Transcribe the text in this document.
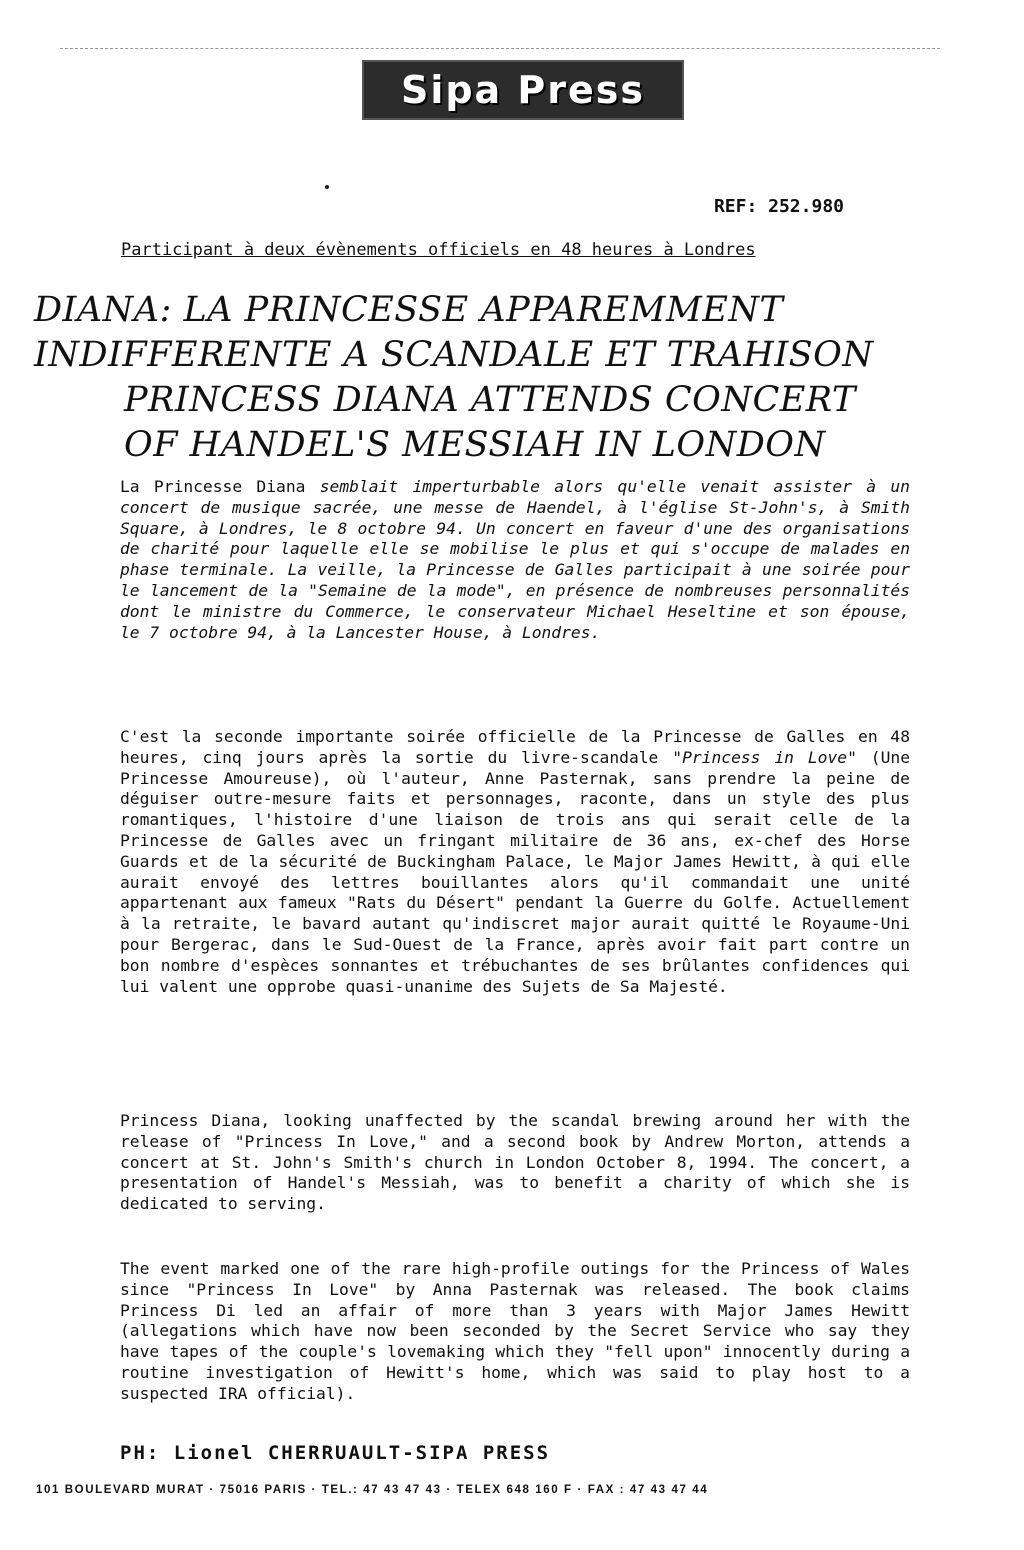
Sipa Press
REF: 252.980
Participant à deux évènements officiels en 48 heures à Londres
DIANA: LA PRINCESSE APPAREMMENT
INDIFFERENTE A SCANDALE ET TRAHISON
PRINCESS DIANA ATTENDS CONCERT
OF HANDEL'S MESSIAH IN LONDON
La Princesse Diana semblait imperturbable alors qu'elle venait assister à un concert de musique sacrée, une messe de Haendel, à l'église St-John's, à Smith Square, à Londres, le 8 octobre 94. Un concert en faveur d'une des organisations de charité pour laquelle elle se mobilise le plus et qui s'occupe de malades en phase terminale. La veille, la Princesse de Galles participait à une soirée pour le lancement de la "Semaine de la mode", en présence de nombreuses personnalités dont le ministre du Commerce, le conservateur Michael Heseltine et son épouse, le 7 octobre 94, à la Lancester House, à Londres.
C'est la seconde importante soirée officielle de la Princesse de Galles en 48 heures, cinq jours après la sortie du livre-scandale "Princess in Love" (Une Princesse Amoureuse), où l'auteur, Anne Pasternak, sans prendre la peine de déguiser outre-mesure faits et personnages, raconte, dans un style des plus romantiques, l'histoire d'une liaison de trois ans qui serait celle de la Princesse de Galles avec un fringant militaire de 36 ans, ex-chef des Horse Guards et de la sécurité de Buckingham Palace, le Major James Hewitt, à qui elle aurait envoyé des lettres bouillantes alors qu'il commandait une unité appartenant aux fameux "Rats du Désert" pendant la Guerre du Golfe. Actuellement à la retraite, le bavard autant qu'indiscret major aurait quitté le Royaume-Uni pour Bergerac, dans le Sud-Ouest de la France, après avoir fait part contre un bon nombre d'espèces sonnantes et trébuchantes de ses brûlantes confidences qui lui valent une opprobe quasi-unanime des Sujets de Sa Majesté.
Princess Diana, looking unaffected by the scandal brewing around her with the release of "Princess In Love," and a second book by Andrew Morton, attends a concert at St. John's Smith's church in London October 8, 1994. The concert, a presentation of Handel's Messiah, was to benefit a charity of which she is dedicated to serving.
The event marked one of the rare high-profile outings for the Princess of Wales since "Princess In Love" by Anna Pasternak was released. The book claims Princess Di led an affair of more than 3 years with Major James Hewitt (allegations which have now been seconded by the Secret Service who say they have tapes of the couple's lovemaking which they "fell upon" innocently during a routine investigation of Hewitt's home, which was said to play host to a suspected IRA official).
PH: Lionel CHERRUAULT-SIPA PRESS
101 BOULEVARD MURAT · 75016 PARIS · TEL.: 47 43 47 43 · TELEX 648 160 F · FAX : 47 43 47 44
